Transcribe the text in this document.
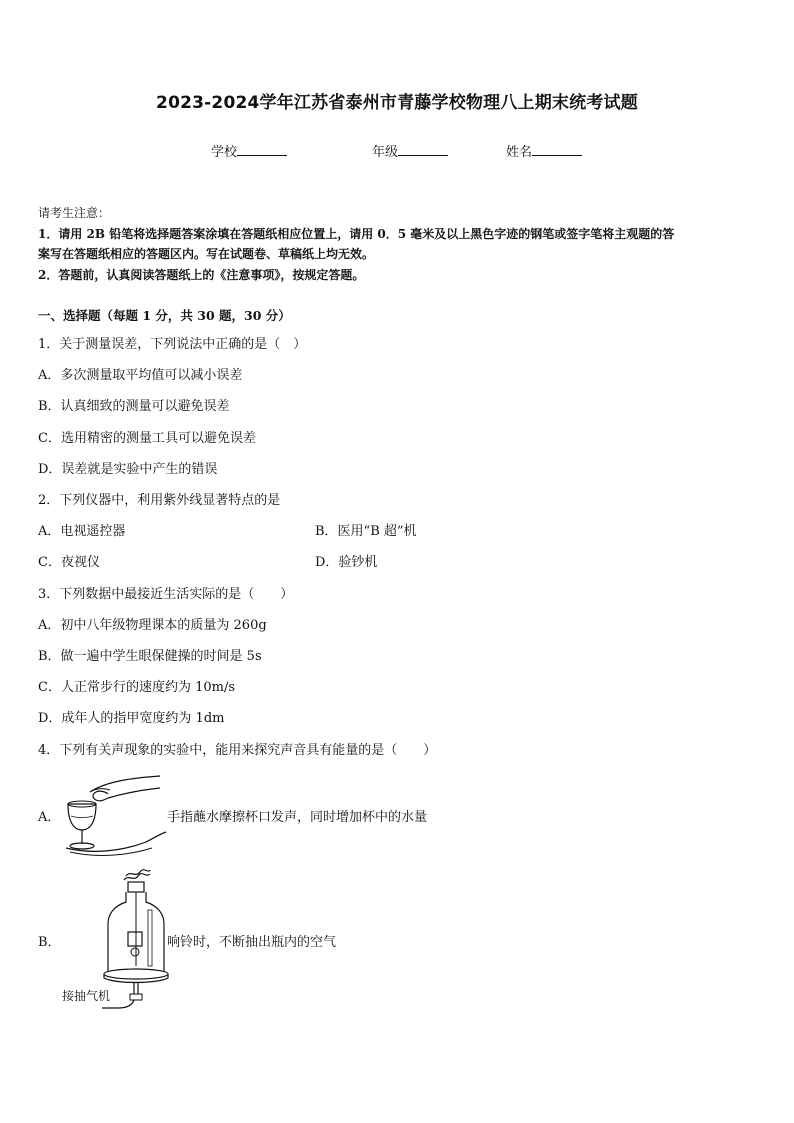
2023-2024学年江苏省泰州市青藤学校物理八上期末统考试题
学校	年级	姓名
请考生注意：
1．请用 2B 铅笔将选择题答案涂填在答题纸相应位置上，请用 0．5 毫米及以上黑色字迹的钢笔或签字笔将主观题的答
案写在答题纸相应的答题区内。写在试题卷、草稿纸上均无效。
2．答题前，认真阅读答题纸上的《注意事项》，按规定答题。
一、选择题（每题 1 分，共 30 题，30 分）
1．关于测量误差，下列说法中正确的是（　）
A．多次测量取平均值可以减小误差
B．认真细致的测量可以避免误差
C．选用精密的测量工具可以避免误差
D．误差就是实验中产生的错误
2．下列仪器中，利用紫外线显著特点的是
A．电视遥控器	B．医用“B 超”机
C．夜视仪	D．验钞机
3．下列数据中最接近生活实际的是（　　）
A．初中八年级物理课本的质量为 260g
B．做一遍中学生眼保健操的时间是 5s
C．人正常步行的速度约为 10m/s
D．成年人的指甲宽度约为 1dm
4．下列有关声现象的实验中，能用来探究声音具有能量的是（　　）
A．	手指蘸水摩擦杯口发声，同时增加杯中的水量
B．	响铃时，不断抽出瓶内的空气
接抽气机
